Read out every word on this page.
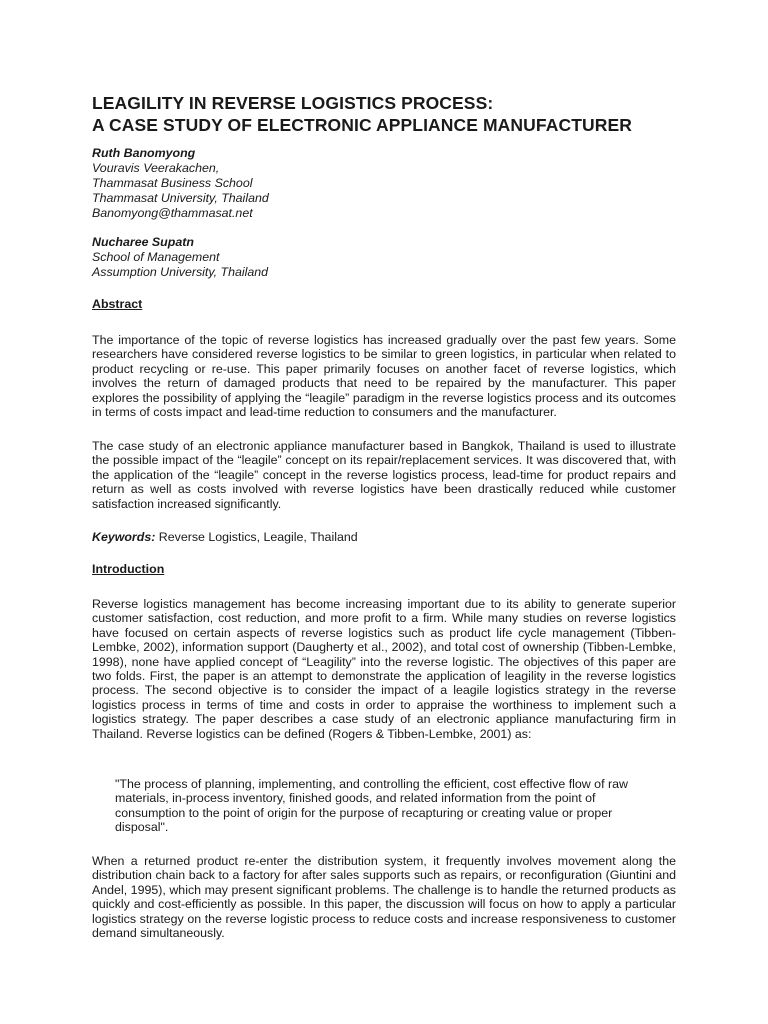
LEAGILITY IN REVERSE LOGISTICS PROCESS:
A CASE STUDY OF ELECTRONIC APPLIANCE MANUFACTURER
Ruth Banomyong
Vouravis Veerakachen,
Thammasat Business School
Thammasat University, Thailand
Banomyong@thammasat.net
Nucharee Supatn
School of Management
Assumption University, Thailand
Abstract

The importance of the topic of reverse logistics has increased gradually over the past few years. Some researchers have considered reverse logistics to be similar to green logistics, in particular when related to product recycling or re-use. This paper primarily focuses on another facet of reverse logistics, which involves the return of damaged products that need to be repaired by the manufacturer. This paper explores the possibility of applying the “leagile” paradigm in the reverse logistics process and its outcomes in terms of costs impact and lead-time reduction to consumers and the manufacturer.

The case study of an electronic appliance manufacturer based in Bangkok, Thailand is used to illustrate the possible impact of the “leagile” concept on its repair/replacement services. It was discovered that, with the application of the “leagile” concept in the reverse logistics process, lead-time for product repairs and return as well as costs involved with reverse logistics have been drastically reduced while customer satisfaction increased significantly.

Keywords: Reverse Logistics, Leagile, Thailand

Introduction

Reverse logistics management has become increasing important due to its ability to generate superior customer satisfaction, cost reduction, and more profit to a firm. While many studies on reverse logistics have focused on certain aspects of reverse logistics such as product life cycle management (Tibben-Lembke, 2002), information support (Daugherty et al., 2002), and total cost of ownership (Tibben-Lembke, 1998), none have applied concept of “Leagility” into the reverse logistic. The objectives of this paper are two folds. First, the paper is an attempt to demonstrate the application of leagility in the reverse logistics process. The second objective is to consider the impact of a leagile logistics strategy in the reverse logistics process in terms of time and costs in order to appraise the worthiness to implement such a logistics strategy. The paper describes a case study of an electronic appliance manufacturing firm in Thailand. Reverse logistics can be defined (Rogers & Tibben-Lembke, 2001) as:

"The process of planning, implementing, and controlling the efficient, cost effective flow of raw materials, in-process inventory, finished goods, and related information from the point of consumption to the point of origin for the purpose of recapturing or creating value or proper disposal".

When a returned product re-enter the distribution system, it frequently involves movement along the distribution chain back to a factory for after sales supports such as repairs, or reconfiguration (Giuntini and Andel, 1995), which may present significant problems. The challenge is to handle the returned products as quickly and cost-efficiently as possible. In this paper, the discussion will focus on how to apply a particular logistics strategy on the reverse logistic process to reduce costs and increase responsiveness to customer demand simultaneously.
